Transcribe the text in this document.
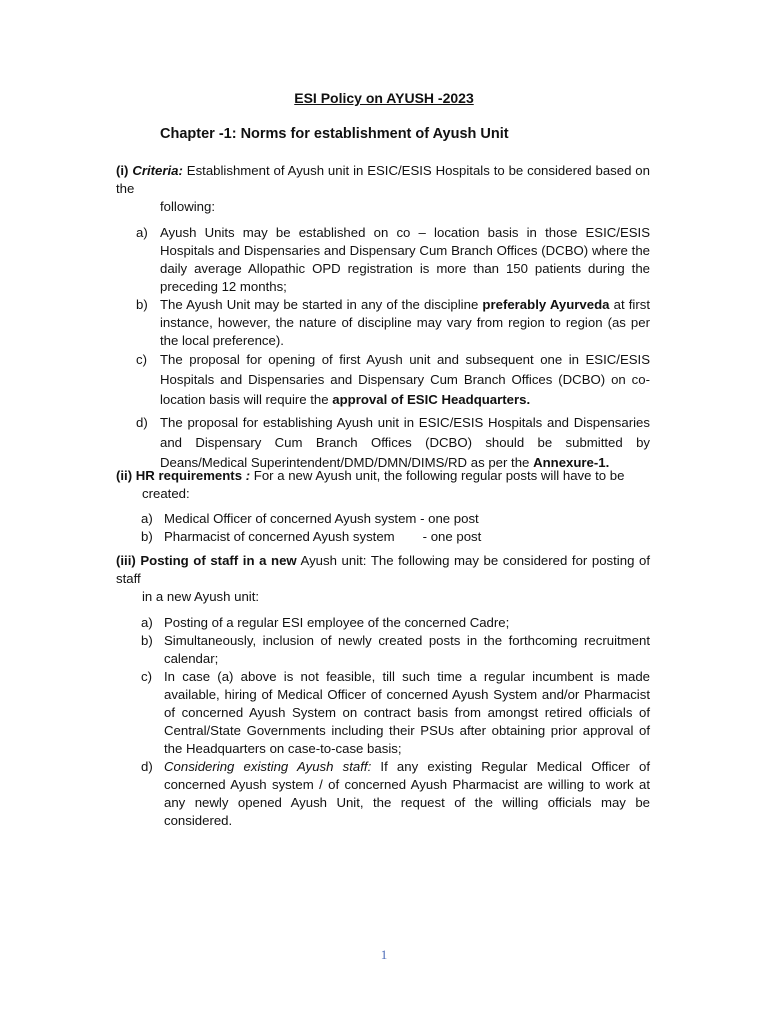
ESI Policy on AYUSH -2023
Chapter -1: Norms for establishment of Ayush Unit
(i) Criteria: Establishment of Ayush unit in ESIC/ESIS Hospitals to be considered based on the
following:
a) Ayush Units may be established on co – location basis in those ESIC/ESIS Hospitals and Dispensaries and Dispensary Cum Branch Offices (DCBO) where the daily average Allopathic OPD registration is more than 150 patients during the preceding 12 months;
b) The Ayush Unit may be started in any of the discipline preferably Ayurveda at first instance, however, the nature of discipline may vary from region to region (as per the local preference).
c) The proposal for opening of first Ayush unit and subsequent one in ESIC/ESIS Hospitals and Dispensaries and Dispensary Cum Branch Offices (DCBO) on co-location basis will require the approval of ESIC Headquarters.
d) The proposal for establishing Ayush unit in ESIC/ESIS Hospitals and Dispensaries and Dispensary Cum Branch Offices (DCBO) should be submitted by Deans/Medical Superintendent/DMD/DMN/DIMS/RD as per the Annexure-1.
(ii) HR requirements : For a new Ayush unit, the following regular posts will have to be
created:
a) Medical Officer of concerned Ayush system - one post
b) Pharmacist of concerned Ayush system - one post
(iii) Posting of staff in a new Ayush unit: The following may be considered for posting of staff
in a new Ayush unit:
a) Posting of a regular ESI employee of the concerned Cadre;
b) Simultaneously, inclusion of newly created posts in the forthcoming recruitment calendar;
c) In case (a) above is not feasible, till such time a regular incumbent is made available, hiring of Medical Officer of concerned Ayush System and/or Pharmacist of concerned Ayush System on contract basis from amongst retired officials of Central/State Governments including their PSUs after obtaining prior approval of the Headquarters on case-to-case basis;
d) Considering existing Ayush staff: If any existing Regular Medical Officer of concerned Ayush system / of concerned Ayush Pharmacist are willing to work at any newly opened Ayush Unit, the request of the willing officials may be considered.
1
